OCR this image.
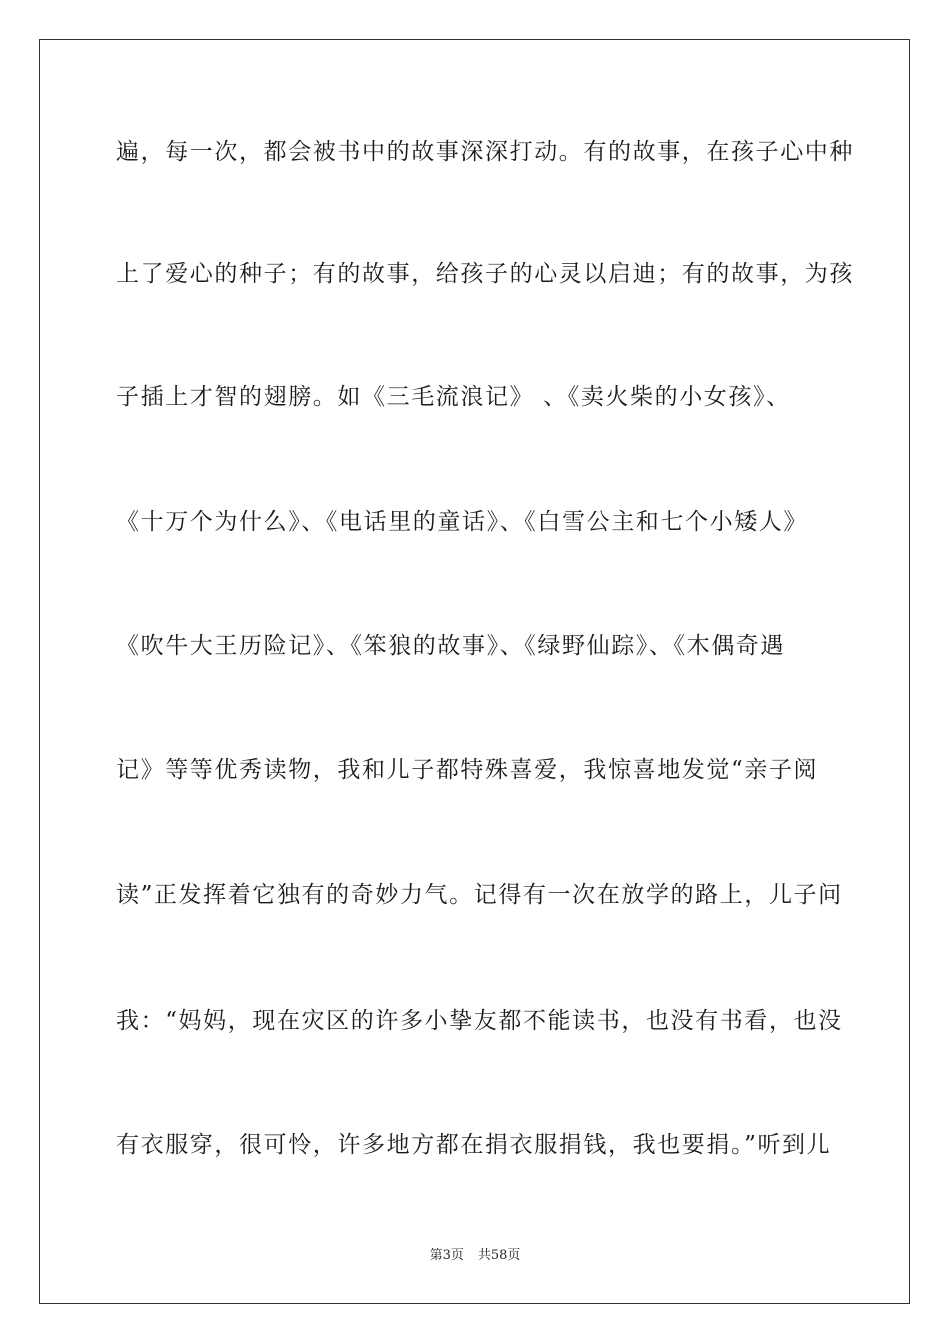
遍，每一次，都会被书中的故事深深打动。有的故事，在孩子心中种
上了爱心的种子；有的故事，给孩子的心灵以启迪；有的故事，为孩
子插上才智的翅膀。如《三毛流浪记》 、《卖火柴的小女孩》、
《十万个为什么》、《电话里的童话》、《白雪公主和七个小矮人》
《吹牛大王历险记》、《笨狼的故事》、《绿野仙踪》、《木偶奇遇
记》等等优秀读物，我和儿子都特殊喜爱，我惊喜地发觉“亲子阅
读”正发挥着它独有的奇妙力气。记得有一次在放学的路上，儿子问
我：“妈妈，现在灾区的许多小挚友都不能读书，也没有书看，也没
有衣服穿，很可怜，许多地方都在捐衣服捐钱，我也要捐。”听到儿
第3页 共58页
